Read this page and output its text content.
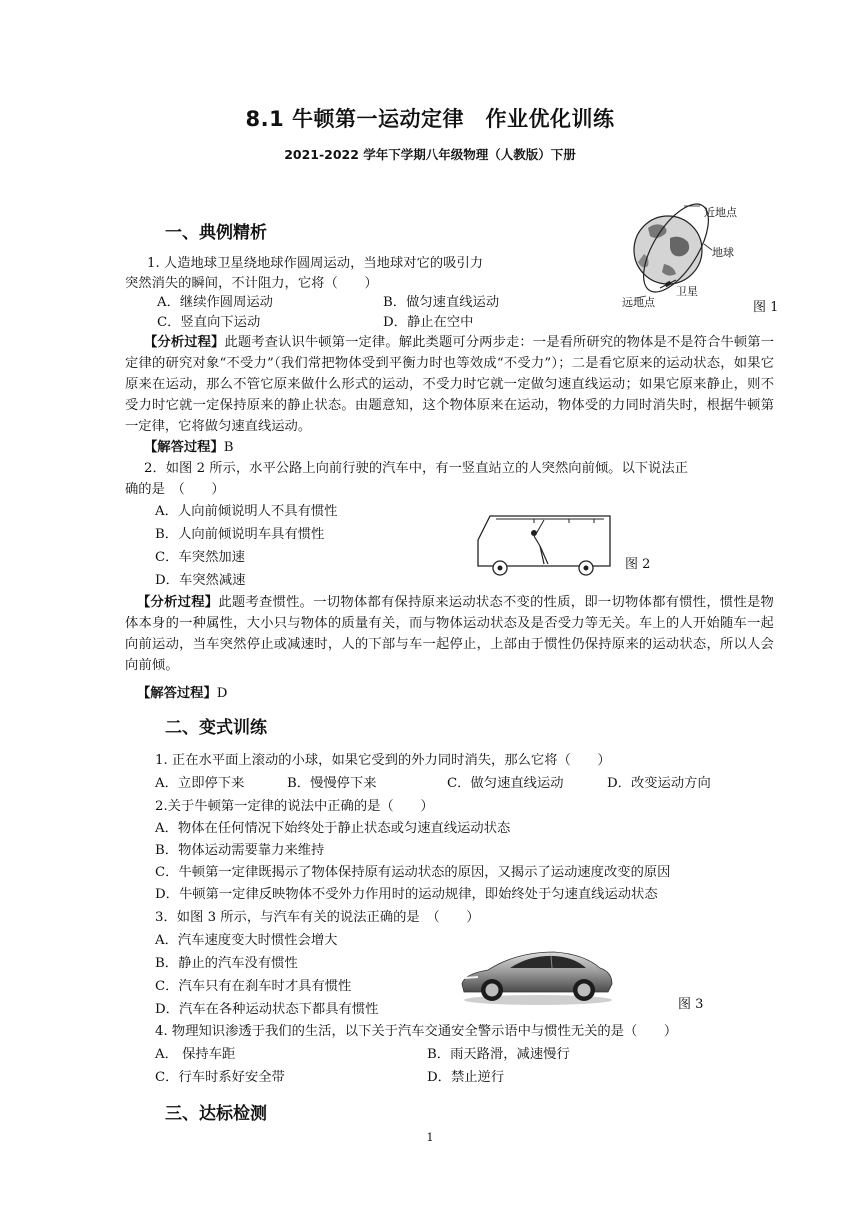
8.1 牛顿第一运动定律　作业优化训练
2021-2022 学年下学期八年级物理（人教版）下册
一、典例精析
1. 人造地球卫星绕地球作圆周运动，当地球对它的吸引力
突然消失的瞬间，不计阻力，它将（　　）
A．继续作圆周运动	B．做匀速直线运动
C．竖直向下运动	D．静止在空中
近地点
地球
卫星
远地点	图 1
【分析过程】此题考查认识牛顿第一定律。解此类题可分两步走：一是看所研究的物体是不是符合牛顿第一定律的研究对象“不受力”（我们常把物体受到平衡力时也等效成“不受力”）；二是看它原来的运动状态，如果它原来在运动，那么不管它原来做什么形式的运动，不受力时它就一定做匀速直线运动；如果它原来静止，则不受力时它就一定保持原来的静止状态。由题意知，这个物体原来在运动，物体受的力同时消失时，根据牛顿第一定律，它将做匀速直线运动。
【解答过程】B
2．如图 2 所示，水平公路上向前行驶的汽车中，有一竖直站立的人突然向前倾。以下说法正
确的是　（　　）
A．人向前倾说明人不具有惯性
B．人向前倾说明车具有惯性
C．车突然加速
D．车突然减速
图 2
【分析过程】此题考查惯性。一切物体都有保持原来运动状态不变的性质，即一切物体都有惯性，惯性是物体本身的一种属性，大小只与物体的质量有关，而与物体运动状态及是否受力等无关。车上的人开始随车一起向前运动，当车突然停止或减速时，人的下部与车一起停止，上部由于惯性仍保持原来的运动状态，所以人会向前倾。
【解答过程】D
二、变式训练
1. 正在水平面上滚动的小球，如果它受到的外力同时消失，那么它将（　　）
A．立即停下来	B．慢慢停下来	C．做匀速直线运动	D．改变运动方向
2.关于牛顿第一定律的说法中正确的是（　　）
A．物体在任何情况下始终处于静止状态或匀速直线运动状态
B．物体运动需要靠力来维持
C．牛顿第一定律既揭示了物体保持原有运动状态的原因，又揭示了运动速度改变的原因
D．牛顿第一定律反映物体不受外力作用时的运动规律，即始终处于匀速直线运动状态
3．如图 3 所示，与汽车有关的说法正确的是　（　　）
A．汽车速度变大时惯性会增大
B．静止的汽车没有惯性
C．汽车只有在刹车时才具有惯性
D．汽车在各种运动状态下都具有惯性	图 3
4. 物理知识渗透于我们的生活，以下关于汽车交通安全警示语中与惯性无关的是（　　）
A． 保持车距	B．雨天路滑，减速慢行
C．行车时系好安全带	D．禁止逆行
三、达标检测
1
